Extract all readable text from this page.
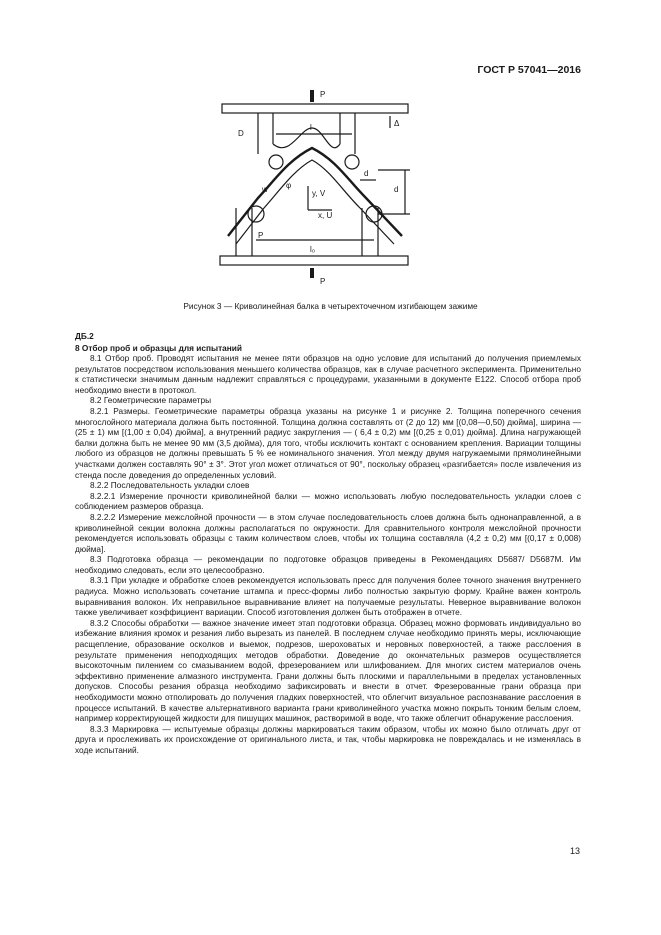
ГОСТ Р 57041—2016
P
P
Δ
D
l
l₀
d
d
φ
y, V
x, U
P
w
Рисунок 3 — Криволинейная балка в четырехточечном изгибающем зажиме
ДБ.2
8 Отбор проб и образцы для испытаний

8.1 Отбор проб. Проводят испытания не менее пяти образцов на одно условие для испытаний до получения приемлемых результатов посредством использования меньшего количества образцов, как в случае расчетного эксперимента. Применительно к статистически значимым данным надлежит справляться с процедурами, указанными в документе E122. Способ отбора проб необходимо внести в протокол.

8.2 Геометрические параметры

8.2.1 Размеры. Геометрические параметры образца указаны на рисунке 1 и рисунке 2. Толщина поперечного сечения многослойного материала должна быть постоянной. Толщина должна составлять от (2 до 12) мм [(0,08—0,50) дюйма], ширина — (25 ± 1) мм [(1,00 ± 0,04) дюйма], а внутренний радиус закругления — ( 6,4 ± 0,2) мм [(0,25 ± 0,01) дюйма]. Длина нагружающей балки должна быть не менее 90 мм (3,5 дюйма), для того, чтобы исключить контакт с основанием крепления. Вариации толщины любого из образцов не должны превышать 5 % ее номинального значения. Угол между двумя нагружаемыми прямолинейными участками должен составлять 90° ± 3°. Этот угол может отличаться от 90°, поскольку образец «разгибается» после извлечения из стенда после доведения до определенных условий.

8.2.2 Последовательность укладки слоев

8.2.2.1 Измерение прочности криволинейной балки — можно использовать любую последовательность укладки слоев с соблюдением размеров образца.

8.2.2.2 Измерение межслойной прочности — в этом случае последовательность слоев должна быть однонаправленной, а в криволинейной секции волокна должны располагаться по окружности. Для сравнительного контроля межслойной прочности рекомендуется использовать образцы с таким количеством слоев, чтобы их толщина составляла (4,2 ± 0,2) мм [(0,17 ± 0,008) дюйма].

8.3 Подготовка образца — рекомендации по подготовке образцов приведены в Рекомендациях D5687/ D5687M. Им необходимо следовать, если это целесообразно.

8.3.1 При укладке и обработке слоев рекомендуется использовать пресс для получения более точного значения внутреннего радиуса. Можно использовать сочетание штампа и пресс-формы либо полностью закрытую форму. Крайне важен контроль выравнивания волокон. Их неправильное выравнивание влияет на получаемые результаты. Неверное выравнивание волокон также увеличивает коэффициент вариации. Способ изготовления должен быть отображен в отчете.

8.3.2 Способы обработки — важное значение имеет этап подготовки образца. Образец можно формовать индивидуально во избежание влияния кромок и резания либо вырезать из панелей. В последнем случае необходимо принять меры, исключающие расщепление, образование осколков и выемок, подрезов, шероховатых и неровных поверхностей, а также расслоения в результате применения неподходящих методов обработки. Доведение до окончательных размеров осуществляется высокоточным пилением со смазыванием водой, фрезерованием или шлифованием. Для многих систем материалов очень эффективно применение алмазного инструмента. Грани должны быть плоскими и параллельными в пределах установленных допусков. Способы резания образца необходимо зафиксировать и внести в отчет. Фрезерованные грани образца при необходимости можно отполировать до получения гладких поверхностей, что облегчит визуальное распознавание расслоения в процессе испытаний. В качестве альтернативного варианта грани криволинейного участка можно покрыть тонким белым слоем, например корректирующей жидкости для пишущих машинок, растворимой в воде, что также облегчит обнаружение расслоения.

8.3.3 Маркировка — испытуемые образцы должны маркироваться таким образом, чтобы их можно было отличать друг от друга и прослеживать их происхождение от оригинального листа, и так, чтобы маркировка не повреждалась и не изменялась в ходе испытаний.

13
